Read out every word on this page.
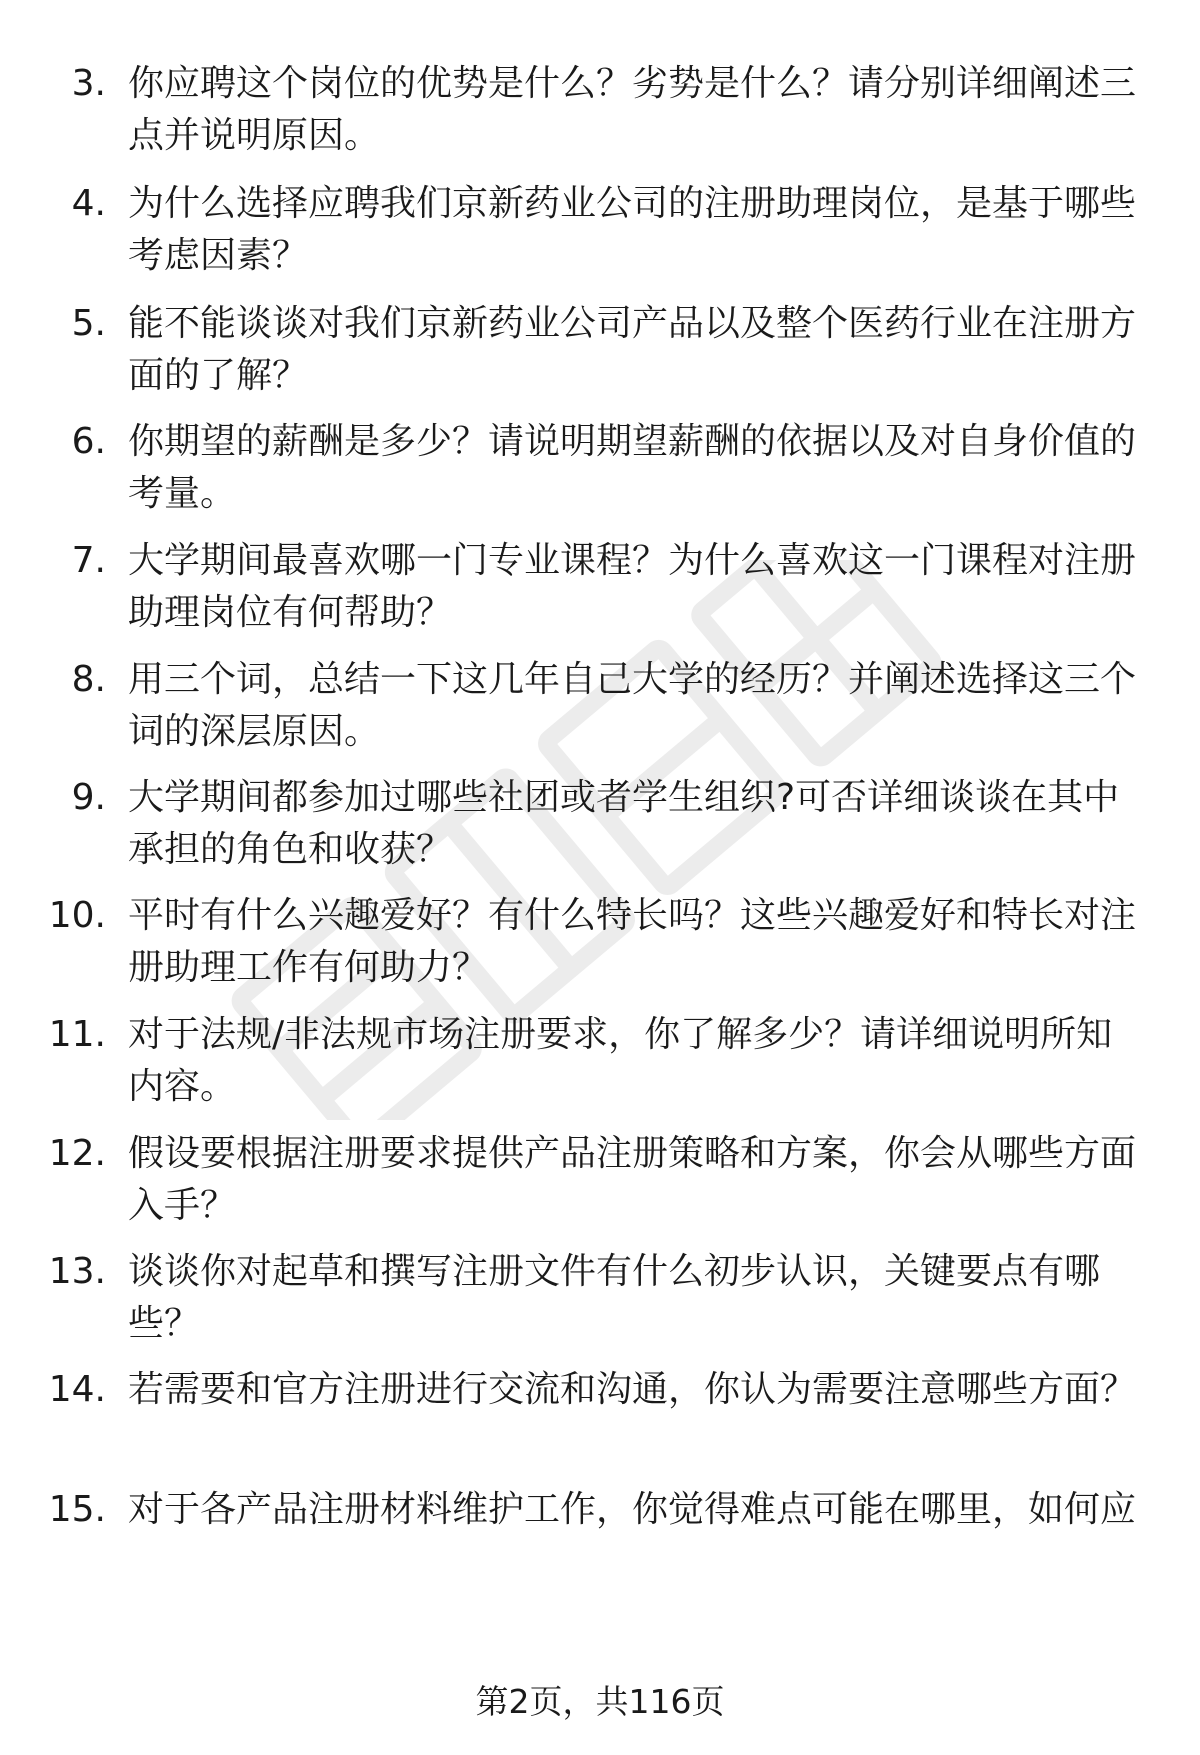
3. 你应聘这个岗位的优势是什么？劣势是什么？请分别详细阐述三点并说明原因。
4. 为什么选择应聘我们京新药业公司的注册助理岗位，是基于哪些考虑因素？
5. 能不能谈谈对我们京新药业公司产品以及整个医药行业在注册方面的了解？
6. 你期望的薪酬是多少？请说明期望薪酬的依据以及对自身价值的考量。
7. 大学期间最喜欢哪一门专业课程？为什么喜欢这一门课程对注册助理岗位有何帮助？
8. 用三个词，总结一下这几年自己大学的经历？并阐述选择这三个词的深层原因。
9. 大学期间都参加过哪些社团或者学生组织?可否详细谈谈在其中承担的角色和收获？
10. 平时有什么兴趣爱好？有什么特长吗？这些兴趣爱好和特长对注册助理工作有何助力？
11. 对于法规/非法规市场注册要求，你了解多少？请详细说明所知内容。
12. 假设要根据注册要求提供产品注册策略和方案，你会从哪些方面入手？
13. 谈谈你对起草和撰写注册文件有什么初步认识，关键要点有哪些？
14. 若需要和官方注册进行交流和沟通，你认为需要注意哪些方面？
15. 对于各产品注册材料维护工作，你觉得难点可能在哪里，如何应
第2页，共116页
